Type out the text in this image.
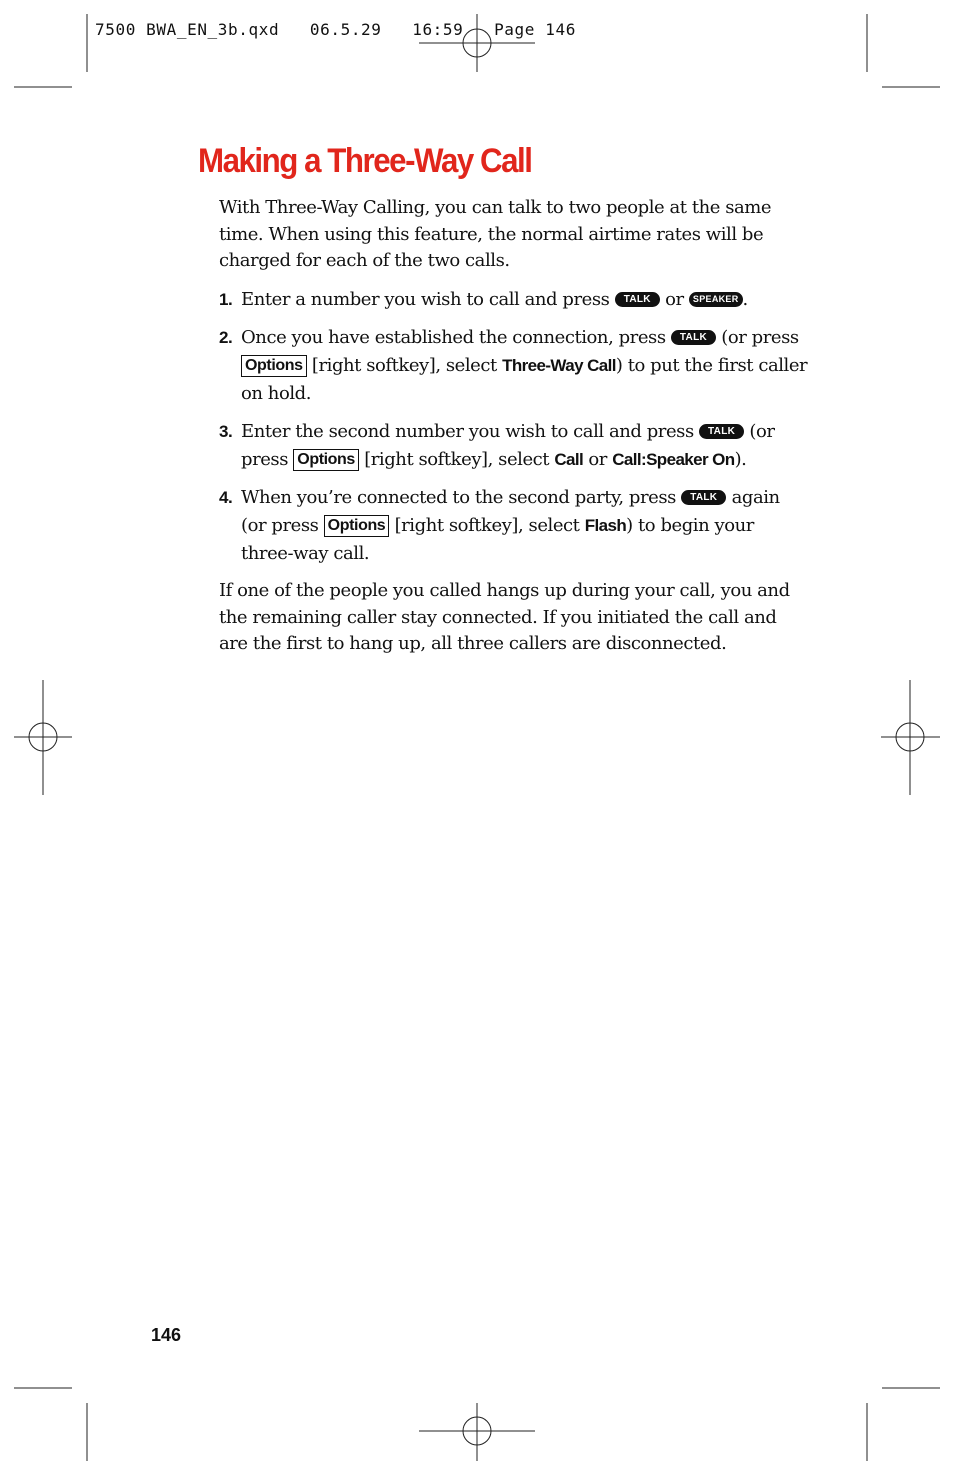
7500 BWA_EN_3b.qxd   06.5.29   16:59   Page 146
Making a Three-Way Call

With Three-Way Calling, you can talk to two people at the same time. When using this feature, the normal airtime rates will be charged for each of the two calls.

1. Enter a number you wish to call and press TALK or SPEAKER .
2. Once you have established the connection, press TALK (or press Options [right softkey], select Three-Way Call) to put the first caller on hold.
3. Enter the second number you wish to call and press TALK (or press Options [right softkey], select Call or Call:Speaker On).
4. When you’re connected to the second party, press TALK again (or press Options [right softkey], select Flash) to begin your three-way call.

If one of the people you called hangs up during your call, you and the remaining caller stay connected. If you initiated the call and are the first to hang up, all three callers are disconnected.

146
